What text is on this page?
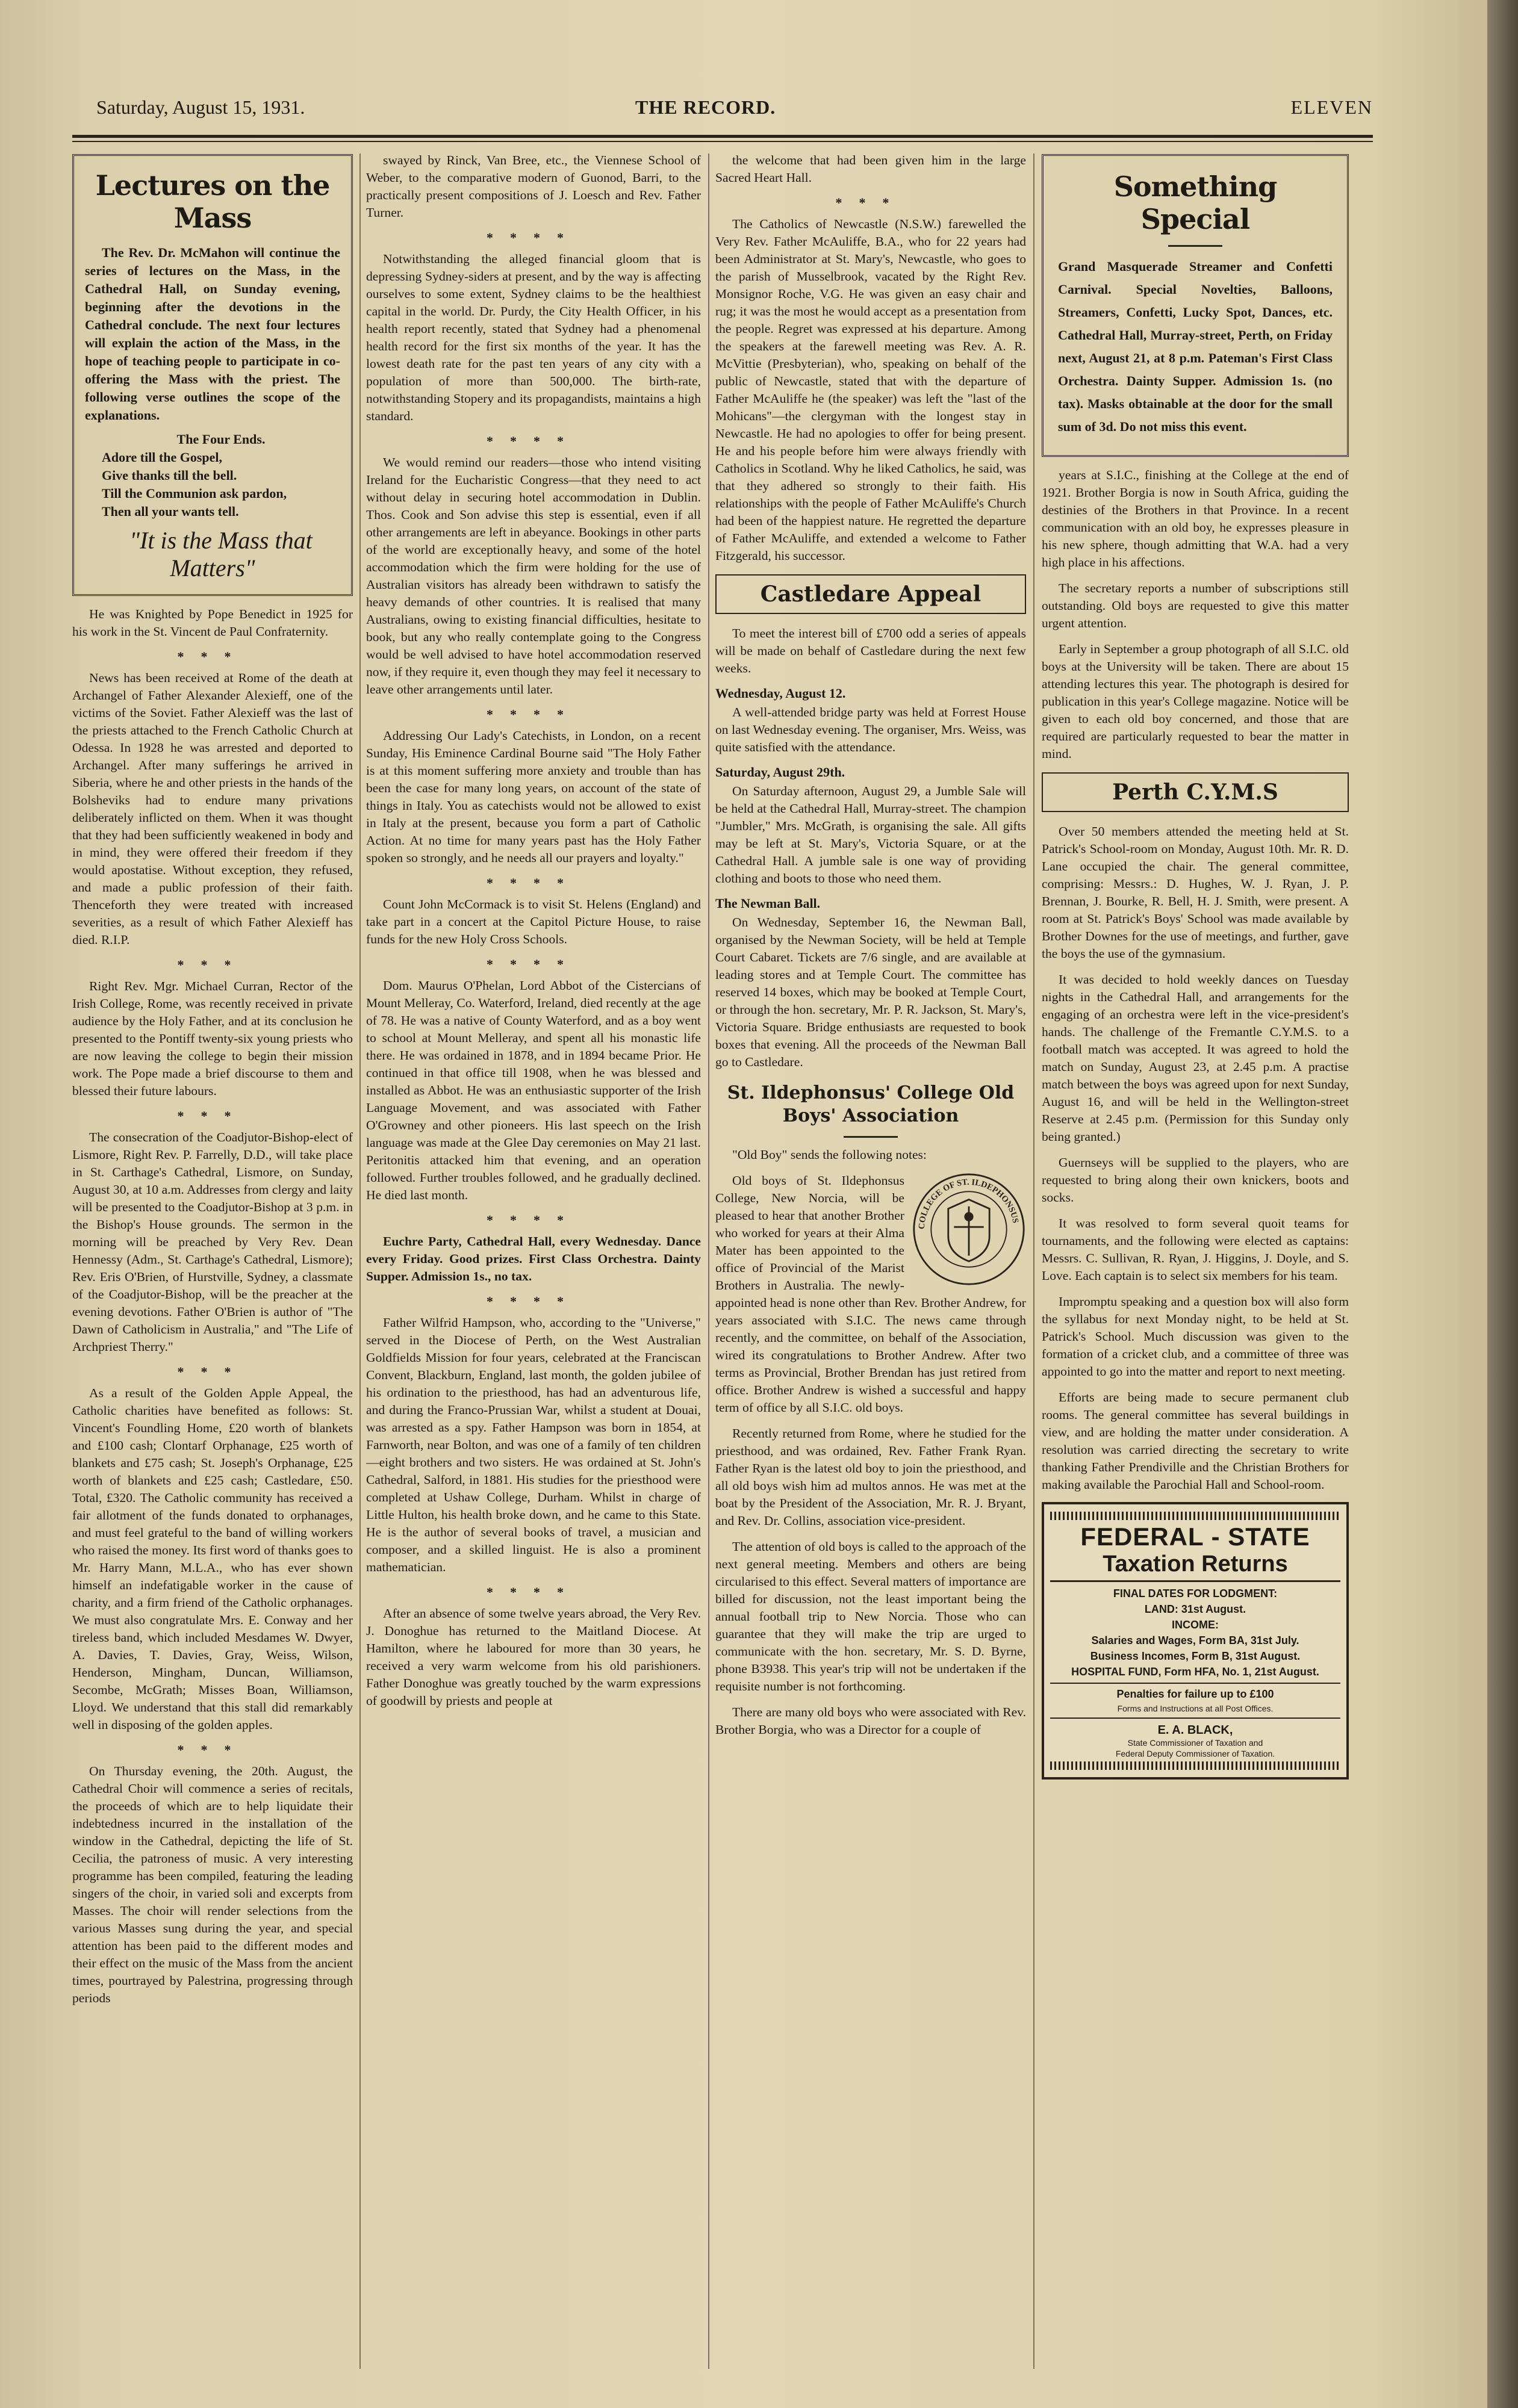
Saturday, August 15, 1931.	THE RECORD.	ELEVEN
Lectures on the Mass

The Rev. Dr. McMahon will continue the series of lectures on the Mass, in the Cathedral Hall, on Sunday evening, beginning after the devotions in the Cathedral conclude. The next four lectures will explain the action of the Mass, in the hope of teaching people to participate in co-offering the Mass with the priest. The following verse outlines the scope of the explanations.

The Four Ends.

Adore till the Gospel,

Give thanks till the bell.

Till the Communion ask pardon,

Then all your wants tell.

"It is the Mass that Matters"

He was Knighted by Pope Benedict in 1925 for his work in the St. Vincent de Paul Confraternity.

***

News has been received at Rome of the death at Archangel of Father Alexander Alexieff, one of the victims of the Soviet. Father Alexieff was the last of the priests attached to the French Catholic Church at Odessa. In 1928 he was arrested and deported to Archangel. After many sufferings he arrived in Siberia, where he and other priests in the hands of the Bolsheviks had to endure many privations deliberately inflicted on them. When it was thought that they had been sufficiently weakened in body and in mind, they were offered their freedom if they would apostatise. Without exception, they refused, and made a public profession of their faith. Thenceforth they were treated with increased severities, as a result of which Father Alexieff has died. R.I.P.

***

Right Rev. Mgr. Michael Curran, Rector of the Irish College, Rome, was recently received in private audience by the Holy Father, and at its conclusion he presented to the Pontiff twenty-six young priests who are now leaving the college to begin their mission work. The Pope made a brief discourse to them and blessed their future labours.

***

The consecration of the Coadjutor-Bishop-elect of Lismore, Right Rev. P. Farrelly, D.D., will take place in St. Carthage's Cathedral, Lismore, on Sunday, August 30, at 10 a.m. Addresses from clergy and laity will be presented to the Coadjutor-Bishop at 3 p.m. in the Bishop's House grounds. The sermon in the morning will be preached by Very Rev. Dean Hennessy (Adm., St. Carthage's Cathedral, Lismore); Rev. Eris O'Brien, of Hurstville, Sydney, a classmate of the Coadjutor-Bishop, will be the preacher at the evening devotions. Father O'Brien is author of "The Dawn of Catholicism in Australia," and "The Life of Archpriest Therry."

***

As a result of the Golden Apple Appeal, the Catholic charities have benefited as follows: St. Vincent's Foundling Home, £20 worth of blankets and £100 cash; Clontarf Orphanage, £25 worth of blankets and £75 cash; St. Joseph's Orphanage, £25 worth of blankets and £25 cash; Castledare, £50. Total, £320. The Catholic community has received a fair allotment of the funds donated to orphanages, and must feel grateful to the band of willing workers who raised the money. Its first word of thanks goes to Mr. Harry Mann, M.L.A., who has ever shown himself an indefatigable worker in the cause of charity, and a firm friend of the Catholic orphanages. We must also congratulate Mrs. E. Conway and her tireless band, which included Mesdames W. Dwyer, A. Davies, T. Davies, Gray, Weiss, Wilson, Henderson, Mingham, Duncan, Williamson, Secombe, McGrath; Misses Boan, Williamson, Lloyd. We understand that this stall did remarkably well in disposing of the golden apples.

***

On Thursday evening, the 20th. August, the Cathedral Choir will commence a series of recitals, the proceeds of which are to help liquidate their indebtedness incurred in the installation of the window in the Cathedral, depicting the life of St. Cecilia, the patroness of music. A very interesting programme has been compiled, featuring the leading singers of the choir, in varied soli and excerpts from Masses. The choir will render selections from the various Masses sung during the year, and special attention has been paid to the different modes and their effect on the music of the Mass from the ancient times, pourtrayed by Palestrina, progressing through periods

swayed by Rinck, Van Bree, etc., the Viennese School of Weber, to the comparative modern of Guonod, Barri, to the practically present compositions of J. Loesch and Rev. Father Turner.

****

Notwithstanding the alleged financial gloom that is depressing Sydney-siders at present, and by the way is affecting ourselves to some extent, Sydney claims to be the healthiest capital in the world. Dr. Purdy, the City Health Officer, in his health report recently, stated that Sydney had a phenomenal health record for the first six months of the year. It has the lowest death rate for the past ten years of any city with a population of more than 500,000. The birth-rate, notwithstanding Stopery and its propagandists, maintains a high standard.

****

We would remind our readers—those who intend visiting Ireland for the Eucharistic Congress—that they need to act without delay in securing hotel accommodation in Dublin. Thos. Cook and Son advise this step is essential, even if all other arrangements are left in abeyance. Bookings in other parts of the world are exceptionally heavy, and some of the hotel accommodation which the firm were holding for the use of Australian visitors has already been withdrawn to satisfy the heavy demands of other countries. It is realised that many Australians, owing to existing financial difficulties, hesitate to book, but any who really contemplate going to the Congress would be well advised to have hotel accommodation reserved now, if they require it, even though they may feel it necessary to leave other arrangements until later.

****

Addressing Our Lady's Catechists, in London, on a recent Sunday, His Eminence Cardinal Bourne said "The Holy Father is at this moment suffering more anxiety and trouble than has been the case for many long years, on account of the state of things in Italy. You as catechists would not be allowed to exist in Italy at the present, because you form a part of Catholic Action. At no time for many years past has the Holy Father spoken so strongly, and he needs all our prayers and loyalty."

****

Count John McCormack is to visit St. Helens (England) and take part in a concert at the Capitol Picture House, to raise funds for the new Holy Cross Schools.

****

Dom. Maurus O'Phelan, Lord Abbot of the Cistercians of Mount Melleray, Co. Waterford, Ireland, died recently at the age of 78. He was a native of County Waterford, and as a boy went to school at Mount Melleray, and spent all his monastic life there. He was ordained in 1878, and in 1894 became Prior. He continued in that office till 1908, when he was blessed and installed as Abbot. He was an enthusiastic supporter of the Irish Language Movement, and was associated with Father O'Growney and other pioneers. His last speech on the Irish language was made at the Glee Day ceremonies on May 21 last. Peritonitis attacked him that evening, and an operation followed. Further troubles followed, and he gradually declined. He died last month.

****

Euchre Party, Cathedral Hall, every Wednesday. Dance every Friday. Good prizes. First Class Orchestra. Dainty Supper. Admission 1s., no tax.

****

Father Wilfrid Hampson, who, according to the "Universe," served in the Diocese of Perth, on the West Australian Goldfields Mission for four years, celebrated at the Franciscan Convent, Blackburn, England, last month, the golden jubilee of his ordination to the priesthood, has had an adventurous life, and during the Franco-Prussian War, whilst a student at Douai, was arrested as a spy. Father Hampson was born in 1854, at Farnworth, near Bolton, and was one of a family of ten children—eight brothers and two sisters. He was ordained at St. John's Cathedral, Salford, in 1881. His studies for the priesthood were completed at Ushaw College, Durham. Whilst in charge of Little Hulton, his health broke down, and he came to this State. He is the author of several books of travel, a musician and composer, and a skilled linguist. He is also a prominent mathematician.

****

After an absence of some twelve years abroad, the Very Rev. J. Donoghue has returned to the Maitland Diocese. At Hamilton, where he laboured for more than 30 years, he received a very warm welcome from his old parishioners. Father Donoghue was greatly touched by the warm expressions of goodwill by priests and people at

the welcome that had been given him in the large Sacred Heart Hall.

***

The Catholics of Newcastle (N.S.W.) farewelled the Very Rev. Father McAuliffe, B.A., who for 22 years had been Administrator at St. Mary's, Newcastle, who goes to the parish of Musselbrook, vacated by the Right Rev. Monsignor Roche, V.G. He was given an easy chair and rug; it was the most he would accept as a presentation from the people. Regret was expressed at his departure. Among the speakers at the farewell meeting was Rev. A. R. McVittie (Presbyterian), who, speaking on behalf of the public of Newcastle, stated that with the departure of Father McAuliffe he (the speaker) was left the "last of the Mohicans"—the clergyman with the longest stay in Newcastle. He had no apologies to offer for being present. He and his people before him were always friendly with Catholics in Scotland. Why he liked Catholics, he said, was that they adhered so strongly to their faith. His relationships with the people of Father McAuliffe's Church had been of the happiest nature. He regretted the departure of Father McAuliffe, and extended a welcome to Father Fitzgerald, his successor.

Castledare Appeal

To meet the interest bill of £700 odd a series of appeals will be made on behalf of Castledare during the next few weeks.

Wednesday, August 12.

A well-attended bridge party was held at Forrest House on last Wednesday evening. The organiser, Mrs. Weiss, was quite satisfied with the attendance.

Saturday, August 29th.

On Saturday afternoon, August 29, a Jumble Sale will be held at the Cathedral Hall, Murray-street. The champion "Jumbler," Mrs. McGrath, is organising the sale. All gifts may be left at St. Mary's, Victoria Square, or at the Cathedral Hall. A jumble sale is one way of providing clothing and boots to those who need them.

The Newman Ball.

On Wednesday, September 16, the Newman Ball, organised by the Newman Society, will be held at Temple Court Cabaret. Tickets are 7/6 single, and are available at leading stores and at Temple Court. The committee has reserved 14 boxes, which may be booked at Temple Court, or through the hon. secretary, Mr. P. R. Jackson, St. Mary's, Victoria Square. Bridge enthusiasts are requested to book boxes that evening. All the proceeds of the Newman Ball go to Castledare.

St. Ildephonsus' College Old Boys' Association

"Old Boy" sends the following notes:

COLLEGE OF ST. ILDEPHONSUS

Old boys of St. Ildephonsus College, New Norcia, will be pleased to hear that another Brother who worked for years at their Alma Mater has been appointed to the office of Provincial of the Marist Brothers in Australia. The newly-appointed head is none other than Rev. Brother Andrew, for years associated with S.I.C. The news came through recently, and the committee, on behalf of the Association, wired its congratulations to Brother Andrew. After two terms as Provincial, Brother Brendan has just retired from office. Brother Andrew is wished a successful and happy term of office by all S.I.C. old boys.

Recently returned from Rome, where he studied for the priesthood, and was ordained, Rev. Father Frank Ryan. Father Ryan is the latest old boy to join the priesthood, and all old boys wish him ad multos annos. He was met at the boat by the President of the Association, Mr. R. J. Bryant, and Rev. Dr. Collins, association vice-president.

The attention of old boys is called to the approach of the next general meeting. Members and others are being circularised to this effect. Several matters of importance are billed for discussion, not the least important being the annual football trip to New Norcia. Those who can guarantee that they will make the trip are urged to communicate with the hon. secretary, Mr. S. D. Byrne, phone B3938. This year's trip will not be undertaken if the requisite number is not forthcoming.

There are many old boys who were associated with Rev. Brother Borgia, who was a Director for a couple of

Something Special

Grand Masquerade Streamer and Confetti Carnival. Special Novelties, Balloons, Streamers, Confetti, Lucky Spot, Dances, etc. Cathedral Hall, Murray-street, Perth, on Friday next, August 21, at 8 p.m. Pateman's First Class Orchestra. Dainty Supper. Admission 1s. (no tax). Masks obtainable at the door for the small sum of 3d. Do not miss this event.

years at S.I.C., finishing at the College at the end of 1921. Brother Borgia is now in South Africa, guiding the destinies of the Brothers in that Province. In a recent communication with an old boy, he expresses pleasure in his new sphere, though admitting that W.A. had a very high place in his affections.

The secretary reports a number of subscriptions still outstanding. Old boys are requested to give this matter urgent attention.

Early in September a group photograph of all S.I.C. old boys at the University will be taken. There are about 15 attending lectures this year. The photograph is desired for publication in this year's College magazine. Notice will be given to each old boy concerned, and those that are required are particularly requested to bear the matter in mind.

Perth C.Y.M.S

Over 50 members attended the meeting held at St. Patrick's School-room on Monday, August 10th. Mr. R. D. Lane occupied the chair. The general committee, comprising: Messrs.: D. Hughes, W. J. Ryan, J. P. Brennan, J. Bourke, R. Bell, H. J. Smith, were present. A room at St. Patrick's Boys' School was made available by Brother Downes for the use of meetings, and further, gave the boys the use of the gymnasium.

It was decided to hold weekly dances on Tuesday nights in the Cathedral Hall, and arrangements for the engaging of an orchestra were left in the vice-president's hands. The challenge of the Fremantle C.Y.M.S. to a football match was accepted. It was agreed to hold the match on Sunday, August 23, at 2.45 p.m. A practise match between the boys was agreed upon for next Sunday, August 16, and will be held in the Wellington-street Reserve at 2.45 p.m. (Permission for this Sunday only being granted.)

Guernseys will be supplied to the players, who are requested to bring along their own knickers, boots and socks.

It was resolved to form several quoit teams for tournaments, and the following were elected as captains: Messrs. C. Sullivan, R. Ryan, J. Higgins, J. Doyle, and S. Love. Each captain is to select six members for his team.

Impromptu speaking and a question box will also form the syllabus for next Monday night, to be held at St. Patrick's School. Much discussion was given to the formation of a cricket club, and a committee of three was appointed to go into the matter and report to next meeting.

Efforts are being made to secure permanent club rooms. The general committee has several buildings in view, and are holding the matter under consideration. A resolution was carried directing the secretary to write thanking Father Prendiville and the Christian Brothers for making available the Parochial Hall and School-room.

FEDERAL - STATE
Taxation Returns
FINAL DATES FOR LODGMENT:
LAND: 31st August.
INCOME:
Salaries and Wages, Form BA, 31st July.
Business Incomes, Form B, 31st August.
HOSPITAL FUND, Form HFA, No. 1, 21st August.
Penalties for failure up to £100
Forms and Instructions at all Post Offices.
E. A. BLACK,
State Commissioner of Taxation and
Federal Deputy Commissioner of Taxation.
